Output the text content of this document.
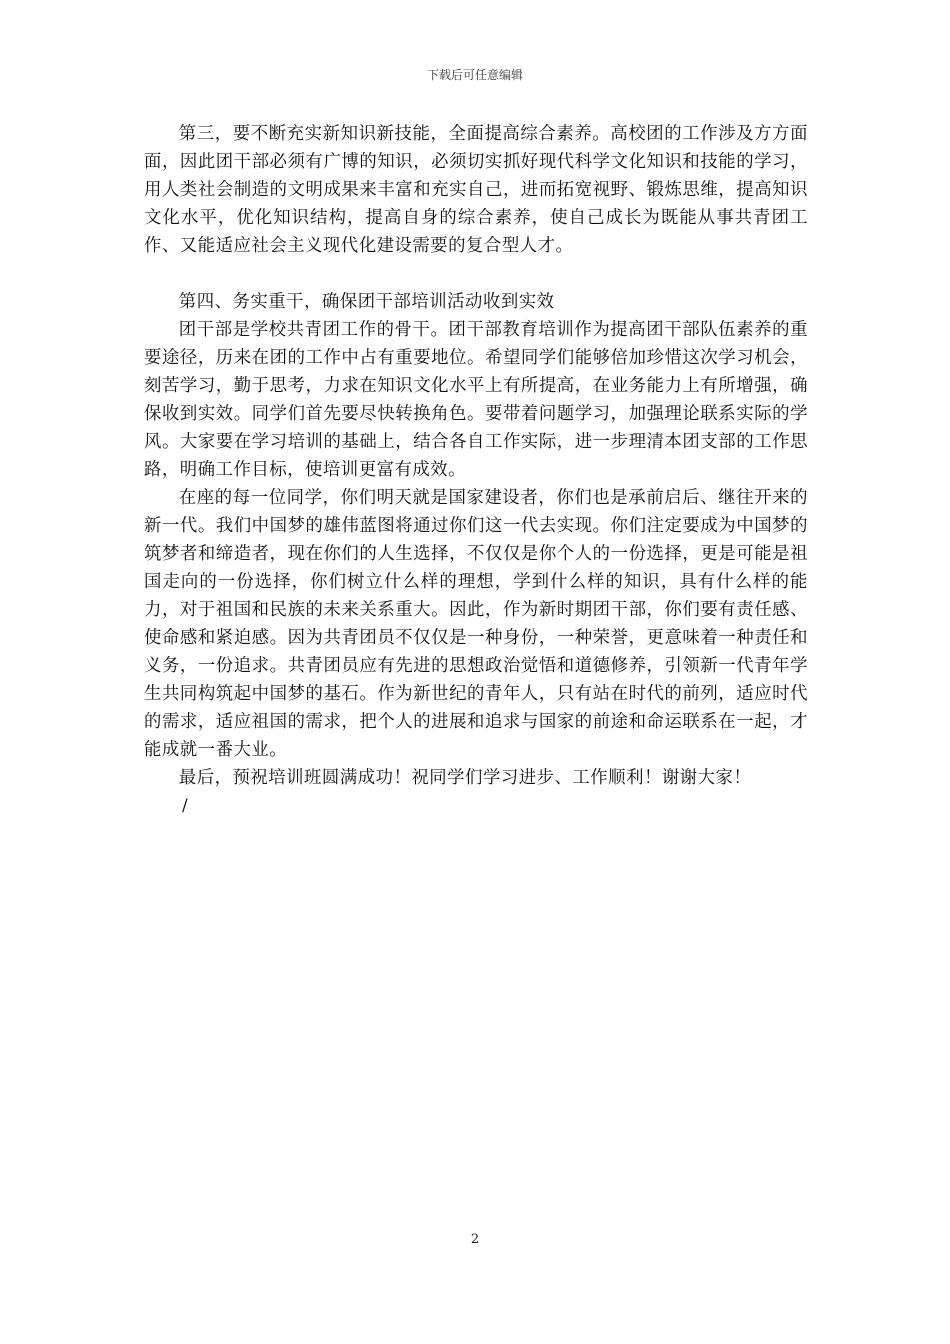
下载后可任意编辑

第三，要不断充实新知识新技能，全面提高综合素养。高校团的工作涉及方方面面，因此团干部必须有广博的知识，必须切实抓好现代科学文化知识和技能的学习，用人类社会制造的文明成果来丰富和充实自己，进而拓宽视野、锻炼思维，提高知识文化水平，优化知识结构，提高自身的综合素养，使自己成长为既能从事共青团工作、又能适应社会主义现代化建设需要的复合型人才。

第四、务实重干，确保团干部培训活动收到实效

团干部是学校共青团工作的骨干。团干部教育培训作为提高团干部队伍素养的重要途径，历来在团的工作中占有重要地位。希望同学们能够倍加珍惜这次学习机会，刻苦学习，勤于思考，力求在知识文化水平上有所提高，在业务能力上有所增强，确保收到实效。同学们首先要尽快转换角色。要带着问题学习，加强理论联系实际的学风。大家要在学习培训的基础上，结合各自工作实际，进一步理清本团支部的工作思路，明确工作目标，使培训更富有成效。

在座的每一位同学，你们明天就是国家建设者，你们也是承前启后、继往开来的新一代。我们中国梦的雄伟蓝图将通过你们这一代去实现。你们注定要成为中国梦的筑梦者和缔造者，现在你们的人生选择，不仅仅是你个人的一份选择，更是可能是祖国走向的一份选择，你们树立什么样的理想，学到什么样的知识，具有什么样的能力，对于祖国和民族的未来关系重大。因此，作为新时期团干部，你们要有责任感、使命感和紧迫感。因为共青团员不仅仅是一种身份，一种荣誉，更意味着一种责任和义务，一份追求。共青团员应有先进的思想政治觉悟和道德修养，引领新一代青年学生共同构筑起中国梦的基石。作为新世纪的青年人，只有站在时代的前列，适应时代的需求，适应祖国的需求，把个人的进展和追求与国家的前途和命运联系在一起，才能成就一番大业。

最后，预祝培训班圆满成功！祝同学们学习进步、工作顺利！谢谢大家！

/

2
